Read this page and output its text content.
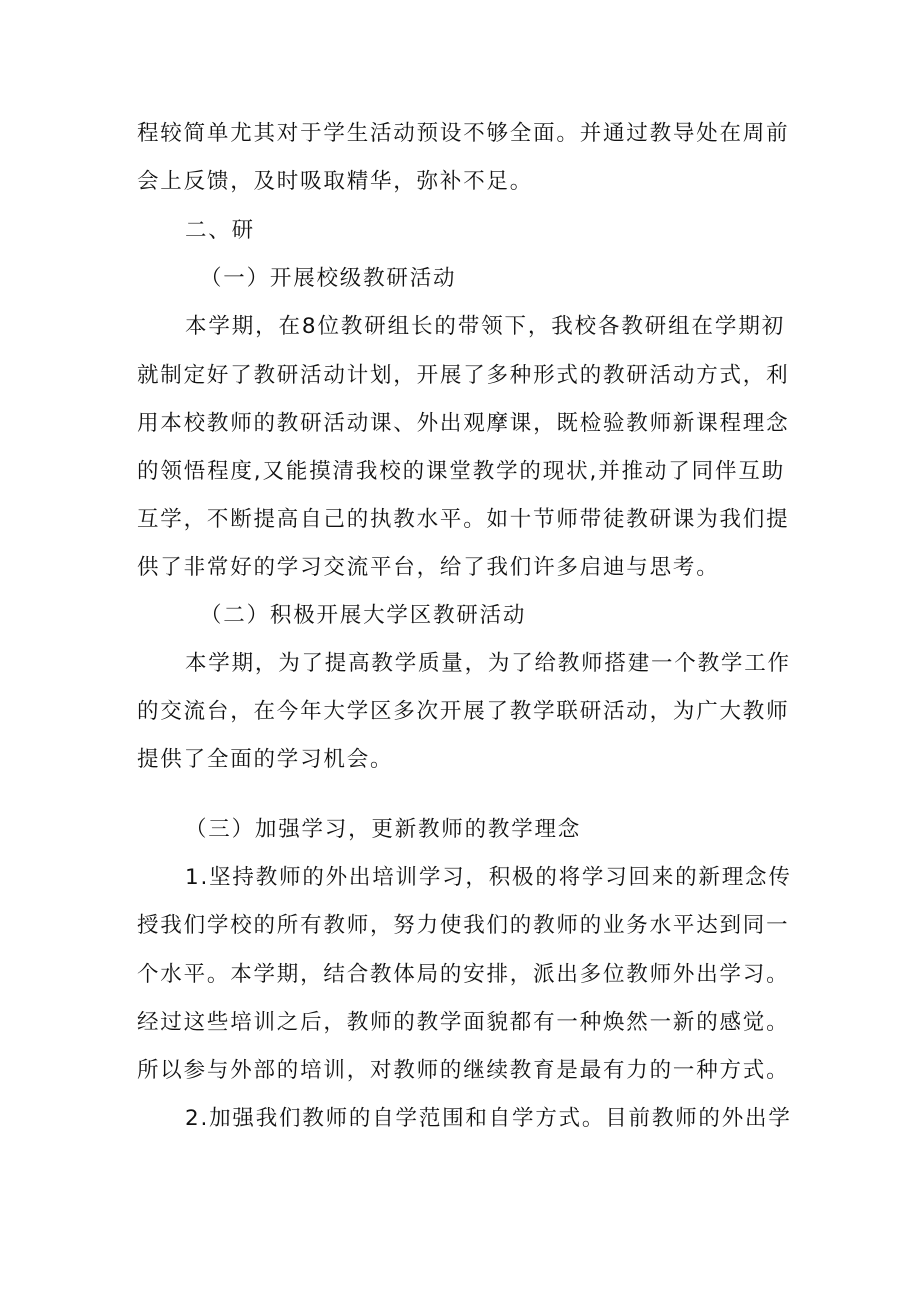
程较简单尤其对于学生活动预设不够全面。并通过教导处在周前
会上反馈，及时吸取精华，弥补不足。
二、研
（一）开展校级教研活动
本学期，在8位教研组长的带领下，我校各教研组在学期初
就制定好了教研活动计划，开展了多种形式的教研活动方式，利
用本校教师的教研活动课、外出观摩课，既检验教师新课程理念
的领悟程度,又能摸清我校的课堂教学的现状,并推动了同伴互助
互学，不断提高自己的执教水平。如十节师带徒教研课为我们提
供了非常好的学习交流平台，给了我们许多启迪与思考。
（二）积极开展大学区教研活动
本学期，为了提高教学质量，为了给教师搭建一个教学工作
的交流台，在今年大学区多次开展了教学联研活动，为广大教师
提供了全面的学习机会。
（三）加强学习，更新教师的教学理念
1.坚持教师的外出培训学习，积极的将学习回来的新理念传
授我们学校的所有教师，努力使我们的教师的业务水平达到同一
个水平。本学期，结合教体局的安排，派出多位教师外出学习。
经过这些培训之后，教师的教学面貌都有一种焕然一新的感觉。
所以参与外部的培训，对教师的继续教育是最有力的一种方式。
2.加强我们教师的自学范围和自学方式。目前教师的外出学
